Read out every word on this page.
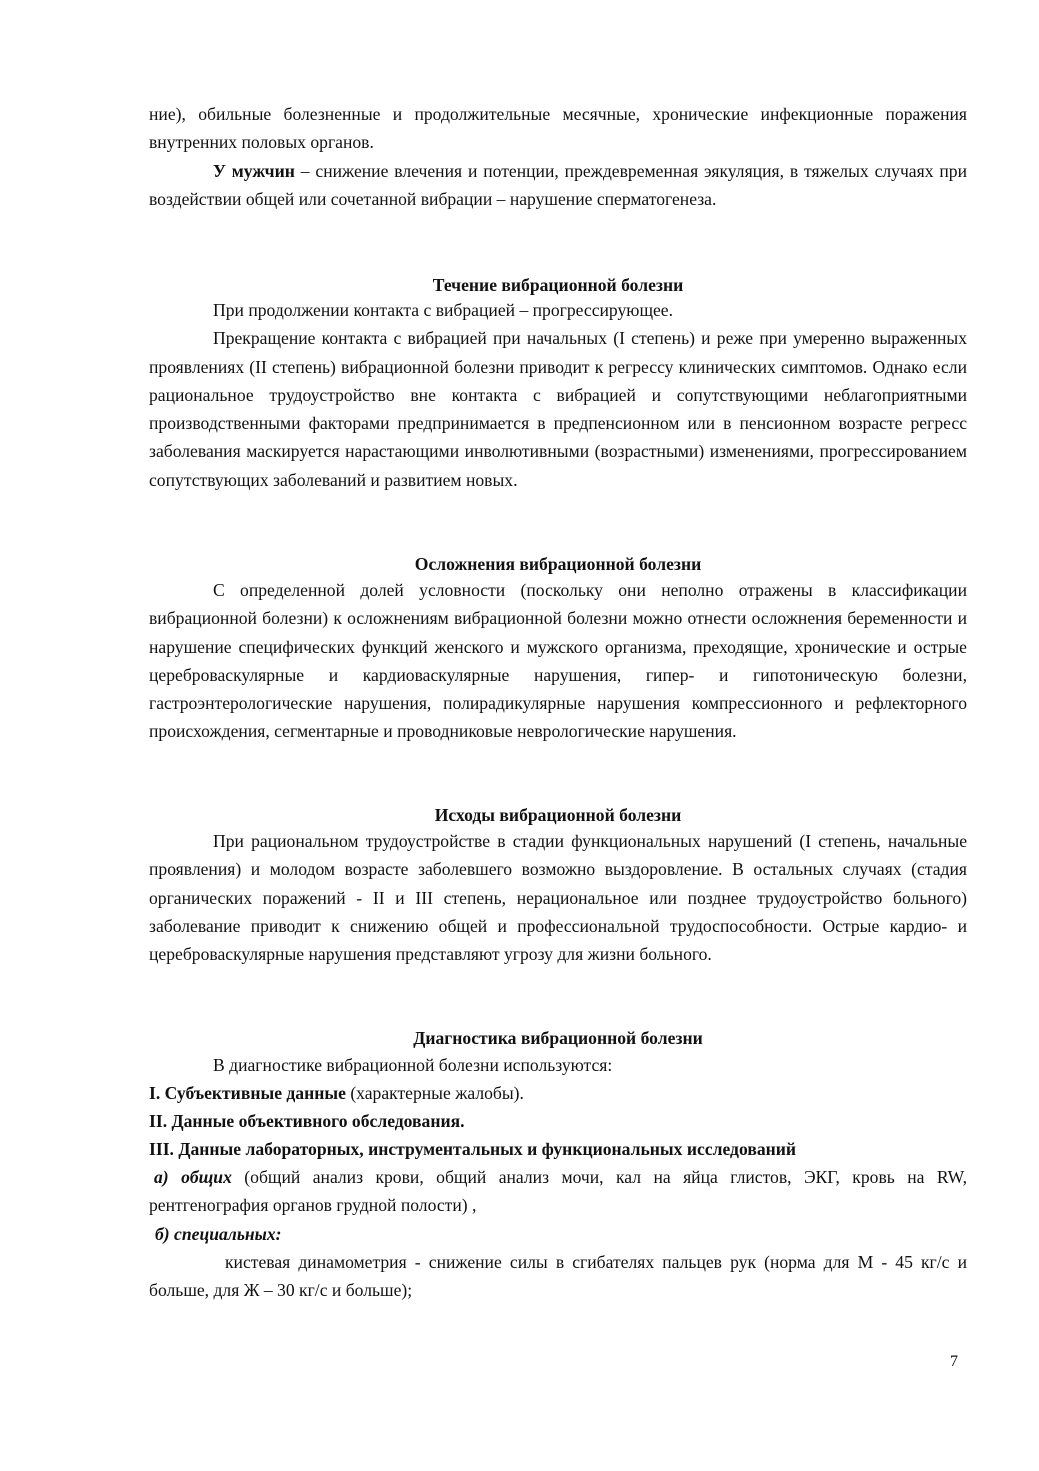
ние), обильные болезненные и продолжительные месячные, хронические инфекционные поражения внутренних половых органов.

У мужчин – снижение влечения и потенции, преждевременная эякуляция, в тяжелых случаях при воздействии общей или сочетанной вибрации – нарушение сперматогенеза.

Течение вибрационной болезни

При продолжении контакта с вибрацией – прогрессирующее.

Прекращение контакта с вибрацией при начальных (I степень) и реже при умеренно выраженных проявлениях (II степень) вибрационной болезни приводит к регрессу клинических симптомов. Однако если рациональное трудоустройство вне контакта с вибрацией и сопутствующими неблагоприятными производственными факторами предпринимается в предпенсионном или в пенсионном возрасте регресс заболевания маскируется нарастающими инволютивными (возрастными) изменениями, прогрессированием сопутствующих заболеваний и развитием новых.

Осложнения вибрационной болезни

С определенной долей условности (поскольку они неполно отражены в классификации вибрационной болезни) к осложнениям вибрационной болезни можно отнести осложнения беременности и нарушение специфических функций женского и мужского организма, преходящие, хронические и острые цереброваскулярные и кардиоваскулярные нарушения, гипер- и гипотоническую болезни, гастроэнтерологические нарушения, полирадикулярные нарушения компрессионного и рефлекторного происхождения, сегментарные и проводниковые неврологические нарушения.

Исходы вибрационной болезни

При рациональном трудоустройстве в стадии функциональных нарушений (I степень, начальные проявления) и молодом возрасте заболевшего возможно выздоровление. В остальных случаях (стадия органических поражений - II и III степень, нерациональное или позднее трудоустройство больного) заболевание приводит к снижению общей и профессиональной трудоспособности. Острые кардио- и цереброваскулярные нарушения представляют угрозу для жизни больного.

Диагностика вибрационной болезни

В диагностике вибрационной болезни используются:

I. Субъективные данные (характерные жалобы).

II. Данные объективного обследования.

III. Данные лабораторных, инструментальных и функциональных исследований

а) общих (общий анализ крови, общий анализ мочи, кал на яйца глистов, ЭКГ, кровь на RW, рентгенография органов грудной полости) ,

б) специальных:

кистевая динамометрия - снижение силы в сгибателях пальцев рук (норма для М - 45 кг/с и больше, для Ж – 30 кг/с и больше);

7
